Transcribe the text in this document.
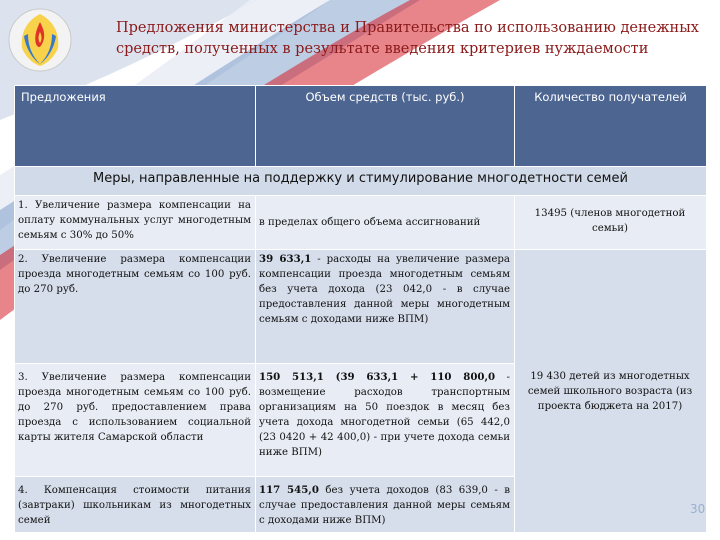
Предложения министерства и Правительства по использованию денежных
средств, полученных в результате введения критериев нуждаемости
Предложения	Объем средств (тыс. руб.)	Количество получателей
Меры, направленные на поддержку и стимулирование многодетности семей		
1. Увеличение размера компенсации на оплату коммунальных услуг многодетным семьям с 30% до 50%	в пределах общего объема ассигнований	13495 (членов многодетной семьи)
2. Увеличение размера компенсации проезда многодетным семьям со 100 руб. до 270 руб.	39 633,1 - расходы на увеличение размера компенсации проезда многодетным семьям без учета дохода (23 042,0 - в случае предоставления данной меры многодетным семьям с доходами ниже ВПМ)	19 430 детей из многодетных семей школьного возраста (из проекта бюджета на 2017)
3. Увеличение размера компенсации проезда многодетным семьям со 100 руб. до 270 руб. предоставлением права проезда с использованием социальной карты жителя Самарской области	150 513,1 (39 633,1 + 110 800,0 - возмещение расходов транспортным организациям на 50 поездок в месяц без учета дохода многодетной семьи (65 442,0 (23 0420 + 42 400,0) - при учете дохода семьи ниже ВПМ)	
4. Компенсация стоимости питания (завтраки) школьникам из многодетных семей	117 545,0 без учета доходов (83 639,0 - в случае предоставления данной меры семьям с доходами ниже ВПМ)	
30
